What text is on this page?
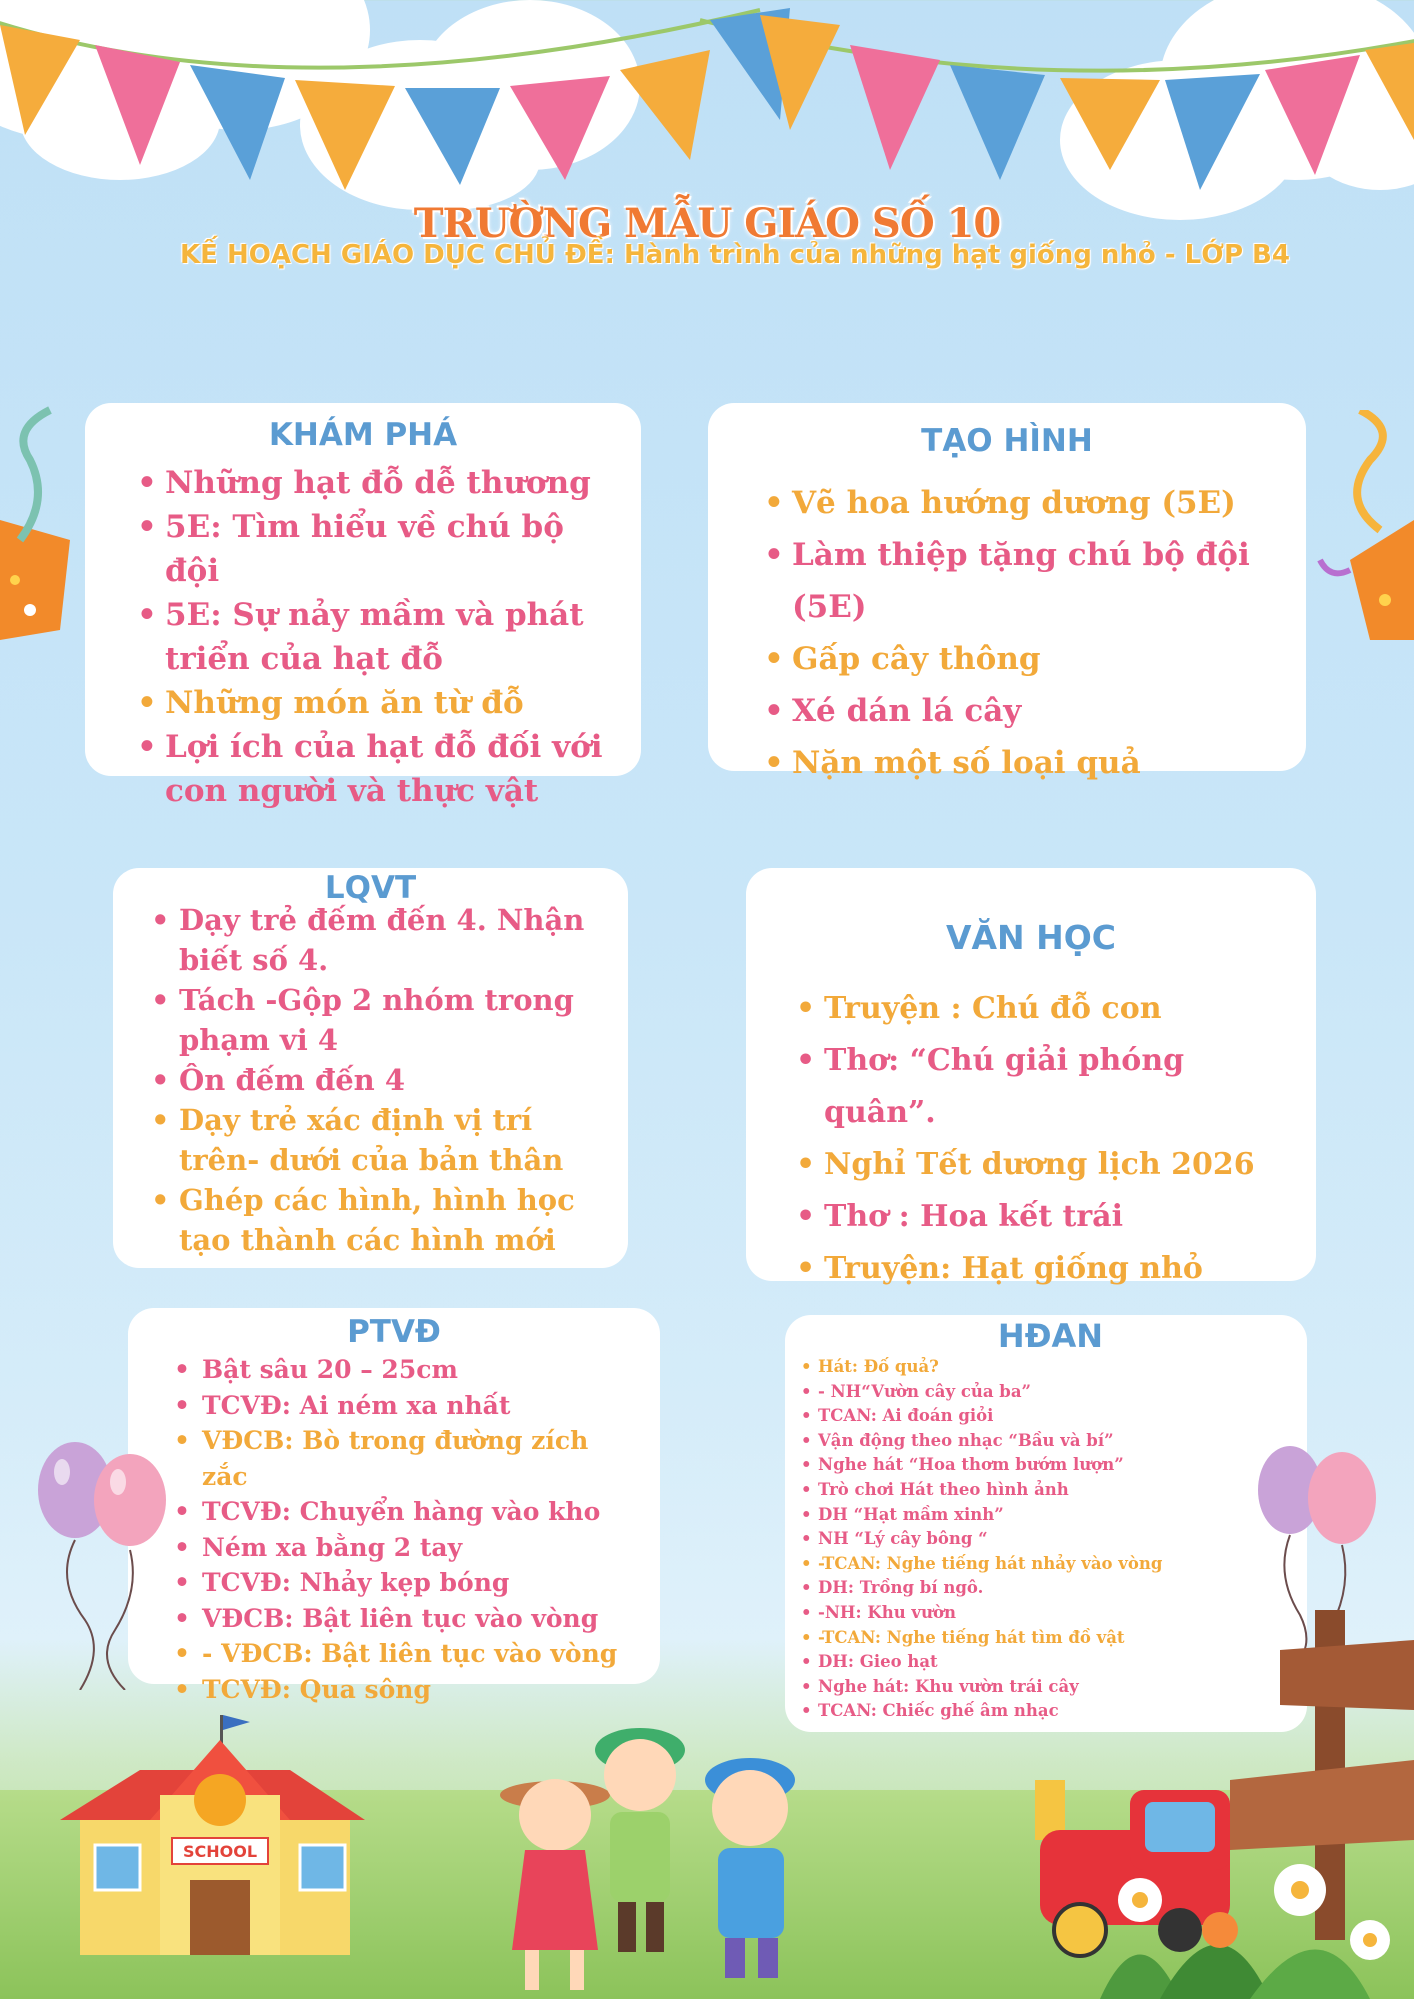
TRƯỜNG MẪU GIÁO SỐ 10
KẾ HOẠCH GIÁO DỤC CHỦ ĐỀ: Hành trình của những hạt giống nhỏ - LỚP B4
KHÁM PHÁ
• Những hạt đỗ dễ thương
• 5E: Tìm hiểu về chú bộ đội
• 5E: Sự nảy mầm và phát triển của hạt đỗ
• Những món ăn từ đỗ
• Lợi ích của hạt đỗ đối với con người và thực vật
TẠO HÌNH
• Vẽ hoa hướng dương (5E)
• Làm thiệp tặng chú bộ đội (5E)
• Gấp cây thông
• Xé dán lá cây
• Nặn một số loại quả
LQVT
• Dạy trẻ đếm đến 4. Nhận biết số 4.
• Tách -Gộp 2 nhóm trong phạm vi 4
• Ôn đếm đến 4
• Dạy trẻ xác định vị trí trên- dưới của bản thân
• Ghép các hình, hình học tạo thành các hình mới
VĂN HỌC
• Truyện : Chú đỗ con
• Thơ: “Chú giải phóng quân”.
• Nghỉ Tết dương lịch 2026
• Thơ : Hoa kết trái
• Truyện: Hạt giống nhỏ
PTVĐ
• Bật sâu 20 – 25cm
• TCVĐ: Ai ném xa nhất
• VĐCB: Bò trong đường zích zắc
• TCVĐ: Chuyển hàng vào kho
• Ném xa bằng 2 tay
• TCVĐ: Nhảy kẹp bóng
• VĐCB: Bật liên tục vào vòng
• - VĐCB: Bật liên tục vào vòng
• TCVĐ: Qua sông
HĐAN
• Hát: Đố quả?
• - NH“Vườn cây của ba”
• TCAN: Ai đoán giỏi
• Vận động theo nhạc “Bầu và bí”
• Nghe hát “Hoa thơm bướm lượn”
• Trò chơi Hát theo hình ảnh
• DH “Hạt mầm xinh”
• NH “Lý cây bông “
• -TCAN: Nghe tiếng hát nhảy vào vòng
• DH: Trồng bí ngô.
• -NH: Khu vườn
• -TCAN: Nghe tiếng hát tìm đồ vật
• DH: Gieo hạt
• Nghe hát: Khu vườn trái cây
• TCAN: Chiếc ghế âm nhạc
SCHOOL
